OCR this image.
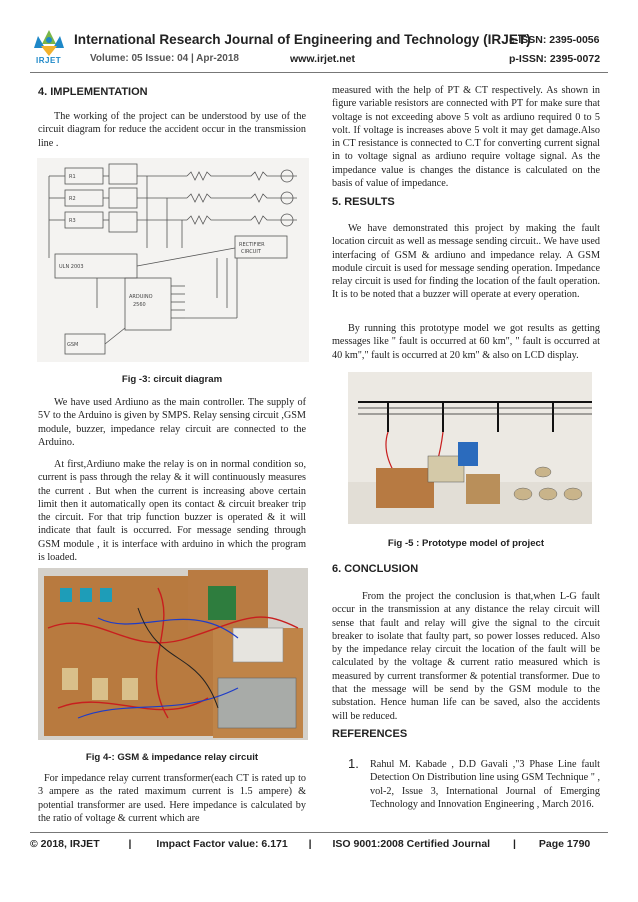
IRJET
International Research Journal of Engineering and Technology (IRJET)
e-ISSN: 2395-0056
Volume: 05 Issue: 04 | Apr-2018	www.irjet.net	p-ISSN: 2395-0072
4. IMPLEMENTATION

The working of the project can be understood by use of the circuit diagram for reduce the accident occur in the transmission line .

R1
R2
R3
ULN 2003
RECTIFIER
CIRCUIT
ARDUINO
2560
GSM
Fig -3: circuit diagram

We have used Ardiuno as the main controller. The supply of 5V to the Arduino is given by SMPS. Relay sensing circuit ,GSM module, buzzer, impedance relay circuit are connected to the Arduino.

At first,Ardiuno make the relay is on in normal condition so, current is pass through the relay & it will continuously measures the current . But when the current is increasing above certain limit then it automatically open its contact & circuit breaker trip the circuit. For that trip function buzzer is operated & it will indicate that fault is occurred. For message sending through GSM module , it is interface with arduino in which the program is loaded.

Fig 4-: GSM & impedance relay circuit

For impedance relay current transformer(each CT is rated up to 3 ampere as the rated maximum current is 1.5 ampere) & potential transformer are used. Here impedance is calculated by the ratio of voltage & current which are

measured with the help of PT & CT respectively. As shown in figure variable resistors are connected with PT for make sure that voltage is not exceeding above 5 volt as ardiuno required 0 to 5 volt. If voltage is increases above 5 volt it may get damage.Also in CT resistance is connected to C.T for converting current signal in to voltage signal as ardiuno require voltage signal. As the impedance value is changes the distance is calculated on the basis of value of impedance.

5. RESULTS

We have demonstrated this project by making the fault location circuit as well as message sending circuit.. We have used interfacing of GSM & ardiuno and impedance relay. A GSM module circuit is used for message sending operation. Impedance relay circuit is used for finding the location of the fault operation. It is to be noted that a buzzer will operate at every operation.

By running this prototype model we got results as getting messages like " fault is occurred at 60 km", " fault is occurred at 40 km"," fault is occurred at 20 km" & also on LCD display.

Fig -5 : Prototype model of project
6. CONCLUSION

From the project the conclusion is that,when L-G fault occur in the transmission at any distance the relay circuit will sense that fault and relay will give the signal to the circuit breaker to isolate that faulty part, so power losses reduced. Also by the impedance relay circuit the location of the fault will be calculated by the voltage & current ratio measured which is measured by current transformer & potential transformer. Due to that the message will be send by the GSM module to the substation. Hence human life can be saved, also the accidents will be reduced.

REFERENCES
1. Rahul M. Kabade , D.D Gavali ,"3 Phase Line fault Detection On Distribution line using GSM Technique " , vol-2, Issue 3, International Journal of Emerging Technology and Innovation Engineering , March 2016.

© 2018, IRJET	| Impact Factor value: 6.171 | ISO 9001:2008 Certified Journal | Page 1790
